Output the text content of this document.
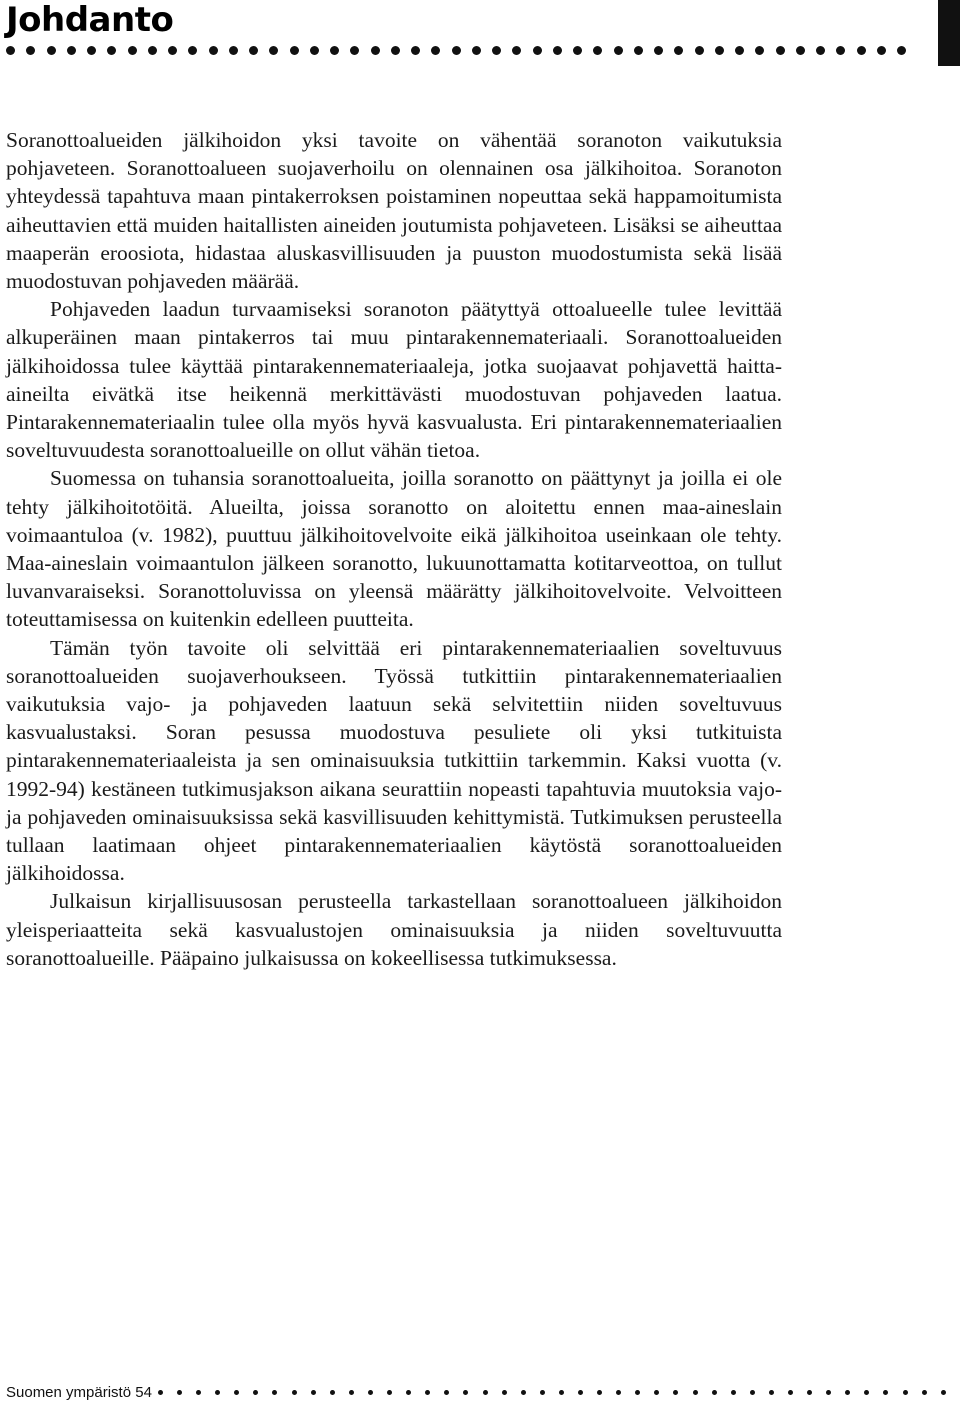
Johdanto

Soranottoalueiden jälkihoidon yksi tavoite on vähentää soranoton vaikutuksia pohjaveteen. Soranottoalueen suojaverhoilu on olennainen osa jälkihoitoa. Soranoton yhteydessä tapahtuva maan pintakerroksen poistaminen nopeuttaa sekä happamoitumista aiheuttavien että muiden haitallisten aineiden joutumista pohjaveteen. Lisäksi se aiheuttaa maaperän eroosiota, hidastaa aluskasvillisuuden ja puuston muodostumista sekä lisää muodostuvan pohjaveden määrää.

Pohjaveden laadun turvaamiseksi soranoton päätyttyä ottoalueelle tulee levittää alkuperäinen maan pintakerros tai muu pintarakennemateriaali. Soranottoalueiden jälkihoidossa tulee käyttää pintarakennemateriaaleja, jotka suojaavat pohjavettä haitta-aineilta eivätkä itse heikennä merkittävästi muodostuvan pohjaveden laatua. Pintarakennemateriaalin tulee olla myös hyvä kasvualusta. Eri pintarakennemateriaalien soveltuvuudesta soranottoalueille on ollut vähän tietoa.

Suomessa on tuhansia soranottoalueita, joilla soranotto on päättynyt ja joilla ei ole tehty jälkihoitotöitä. Alueilta, joissa soranotto on aloitettu ennen maa-aineslain voimaantuloa (v. 1982), puuttuu jälkihoitovelvoite eikä jälkihoitoa useinkaan ole tehty. Maa-aineslain voimaantulon jälkeen soranotto, lukuunottamatta kotitarveottoa, on tullut luvanvaraiseksi. Soranottoluvissa on yleensä määrätty jälkihoitovelvoite. Velvoitteen toteuttamisessa on kuitenkin edelleen puutteita.

Tämän työn tavoite oli selvittää eri pintarakennemateriaalien soveltuvuus soranottoalueiden suojaverhoukseen. Työssä tutkittiin pintarakennemateriaalien vaikutuksia vajo- ja pohjaveden laatuun sekä selvitettiin niiden soveltuvuus kasvualustaksi. Soran pesussa muodostuva pesuliete oli yksi tutkituista pintarakennemateriaaleista ja sen ominaisuuksia tutkittiin tarkemmin. Kaksi vuotta (v. 1992-94) kestäneen tutkimusjakson aikana seurattiin nopeasti tapahtuvia muutoksia vajo- ja pohjaveden ominaisuuksissa sekä kasvillisuuden kehittymistä. Tutkimuksen perusteella tullaan laatimaan ohjeet pintarakennemateriaalien käytöstä soranottoalueiden jälkihoidossa.

Julkaisun kirjallisuusosan perusteella tarkastellaan soranottoalueen jälkihoidon yleisperiaatteita sekä kasvualustojen ominaisuuksia ja niiden soveltuvuutta soranottoalueille. Pääpaino julkaisussa on kokeellisessa tutkimuksessa.

Suomen ympäristö 54
